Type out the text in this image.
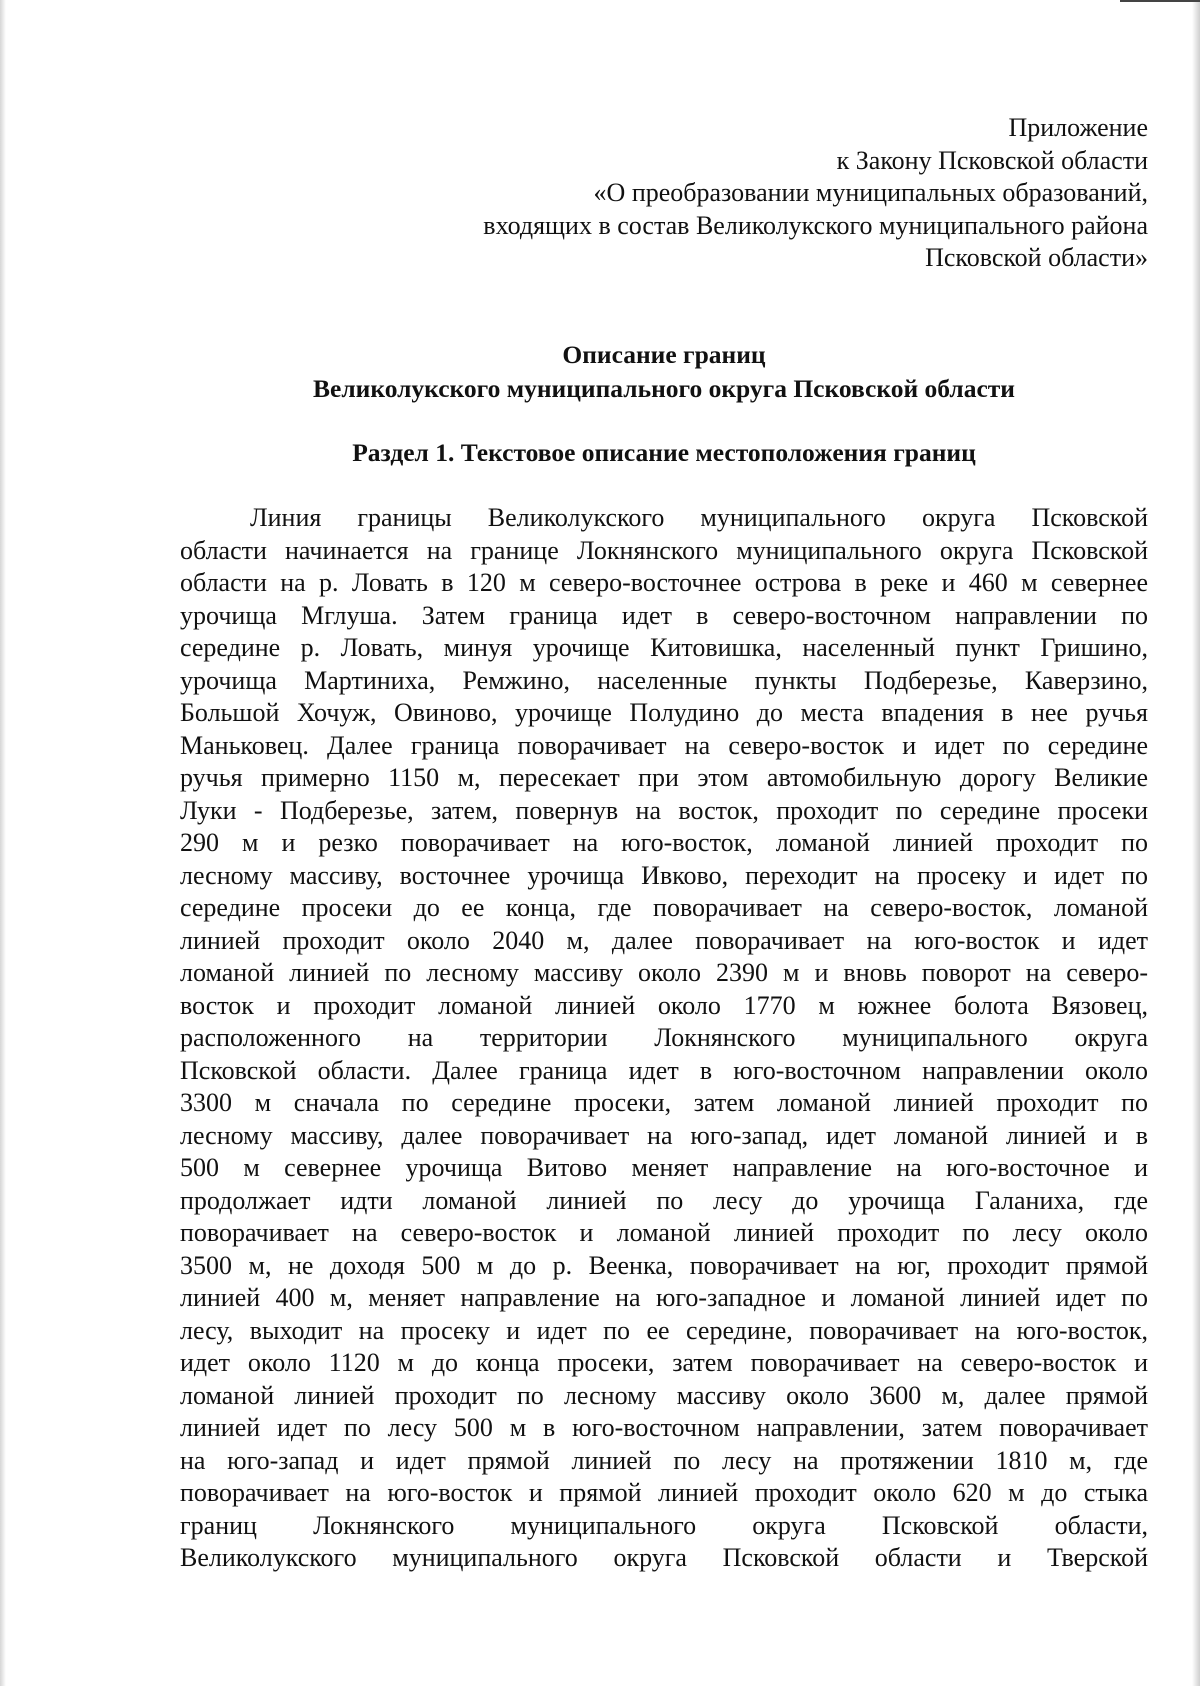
Приложение
к Закону Псковской области
«О преобразовании муниципальных образований,
входящих в состав Великолукского муниципального района
Псковской области»
Описание границ
Великолукского муниципального округа Псковской области
Раздел 1. Текстовое описание местоположения границ
Линия границы Великолукского муниципального округа Псковской
области начинается на границе Локнянского муниципального округа Псковской
области на р. Ловать в 120 м северо-восточнее острова в реке и 460 м севернее
урочища Мглуша. Затем граница идет в северо-восточном направлении по
середине р. Ловать, минуя урочище Китовишка, населенный пункт Гришино,
урочища Мартиниха, Ремжино, населенные пункты Подберезье, Каверзино,
Большой Хочуж, Овиново, урочище Полудино до места впадения в нее ручья
Маньковец. Далее граница поворачивает на северо-восток и идет по середине
ручья примерно 1150 м, пересекает при этом автомобильную дорогу Великие
Луки - Подберезье, затем, повернув на восток, проходит по середине просеки
290 м и резко поворачивает на юго-восток, ломаной линией проходит по
лесному массиву, восточнее урочища Ивково, переходит на просеку и идет по
середине просеки до ее конца, где поворачивает на северо-восток, ломаной
линией проходит около 2040 м, далее поворачивает на юго-восток и идет
ломаной линией по лесному массиву около 2390 м и вновь поворот на северо-
восток и проходит ломаной линией около 1770 м южнее болота Вязовец,
расположенного на территории Локнянского муниципального округа
Псковской области. Далее граница идет в юго-восточном направлении около
3300 м сначала по середине просеки, затем ломаной линией проходит по
лесному массиву, далее поворачивает на юго-запад, идет ломаной линией и в
500 м севернее урочища Витово меняет направление на юго-восточное и
продолжает идти ломаной линией по лесу до урочища Галаниха, где
поворачивает на северо-восток и ломаной линией проходит по лесу около
3500 м, не доходя 500 м до р. Веенка, поворачивает на юг, проходит прямой
линией 400 м, меняет направление на юго-западное и ломаной линией идет по
лесу, выходит на просеку и идет по ее середине, поворачивает на юго-восток,
идет около 1120 м до конца просеки, затем поворачивает на северо-восток и
ломаной линией проходит по лесному массиву около 3600 м, далее прямой
линией идет по лесу 500 м в юго-восточном направлении, затем поворачивает
на юго-запад и идет прямой линией по лесу на протяжении 1810 м, где
поворачивает на юго-восток и прямой линией проходит около 620 м до стыка
границ Локнянского муниципального округа Псковской области,
Великолукского муниципального округа Псковской области и Тверской
